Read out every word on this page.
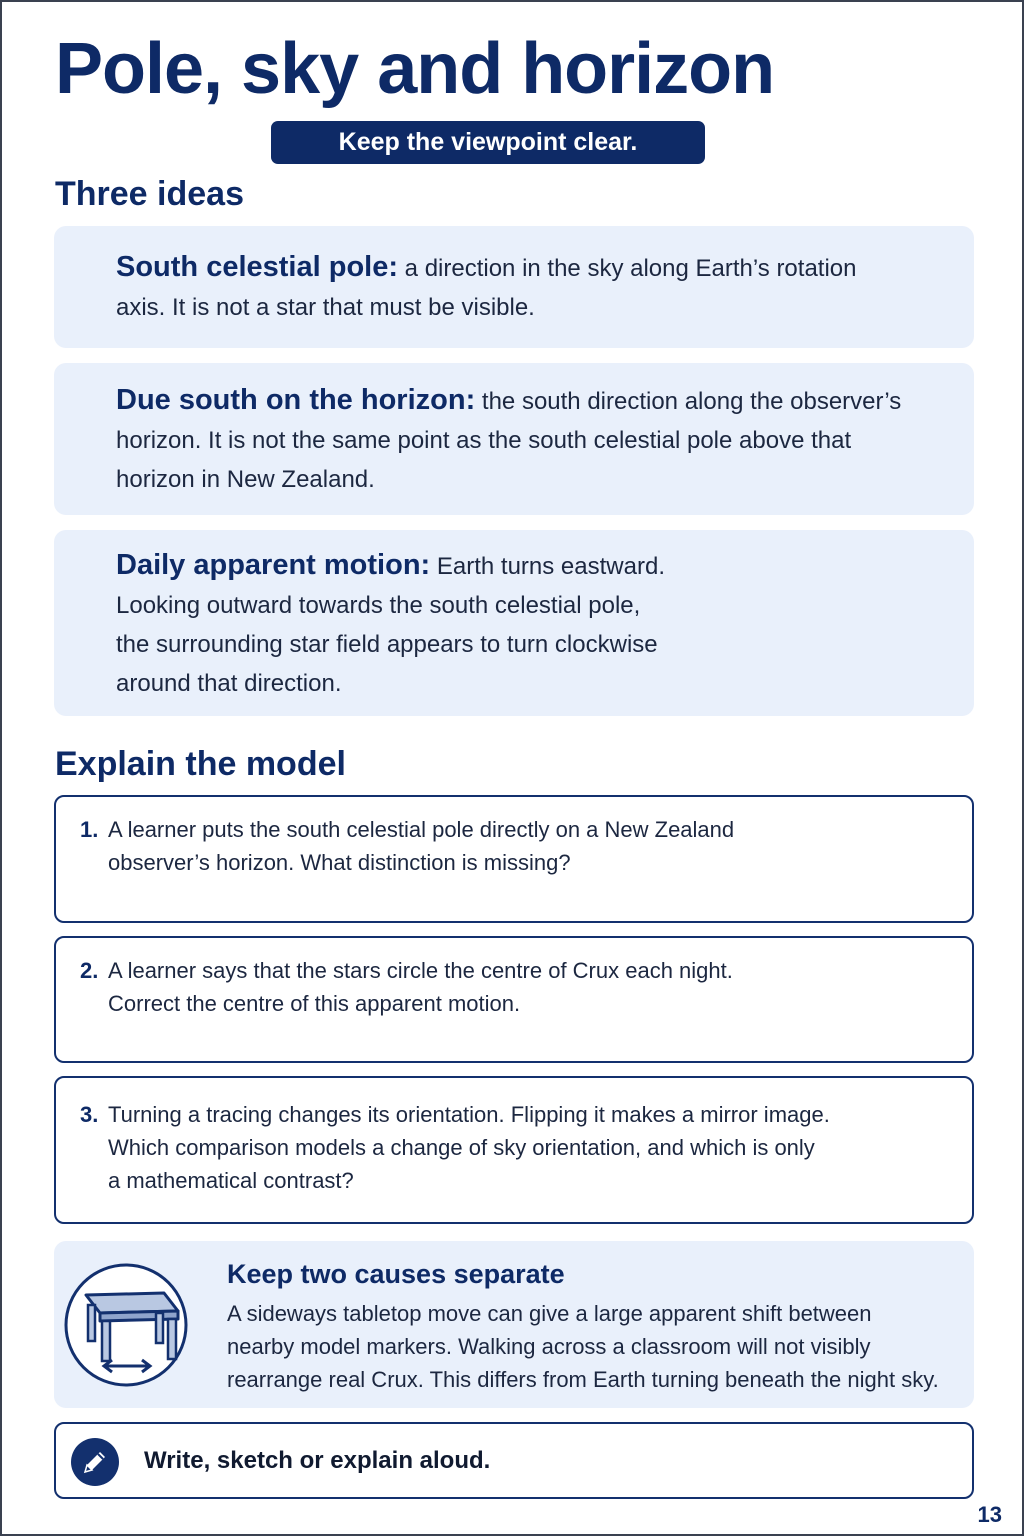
Pole, sky and horizon
Keep the viewpoint clear.
Three ideas
South celestial pole: a direction in the sky along Earth’s rotation
axis. It is not a star that must be visible.
Due south on the horizon: the south direction along the observer’s
horizon. It is not the same point as the south celestial pole above that
horizon in New Zealand.
Daily apparent motion: Earth turns eastward.
Looking outward towards the south celestial pole,
the surrounding star field appears to turn clockwise
around that direction.
Explain the model
1. A learner puts the south celestial pole directly on a New Zealand
observer’s horizon. What distinction is missing?
2. A learner says that the stars circle the centre of Crux each night.
Correct the centre of this apparent motion.
3. Turning a tracing changes its orientation. Flipping it makes a mirror image.
Which comparison models a change of sky orientation, and which is only
a mathematical contrast?
Keep two causes separate
A sideways tabletop move can give a large apparent shift between
nearby model markers. Walking across a classroom will not visibly
rearrange real Crux. This differs from Earth turning beneath the night sky.
Write, sketch or explain aloud.
13
